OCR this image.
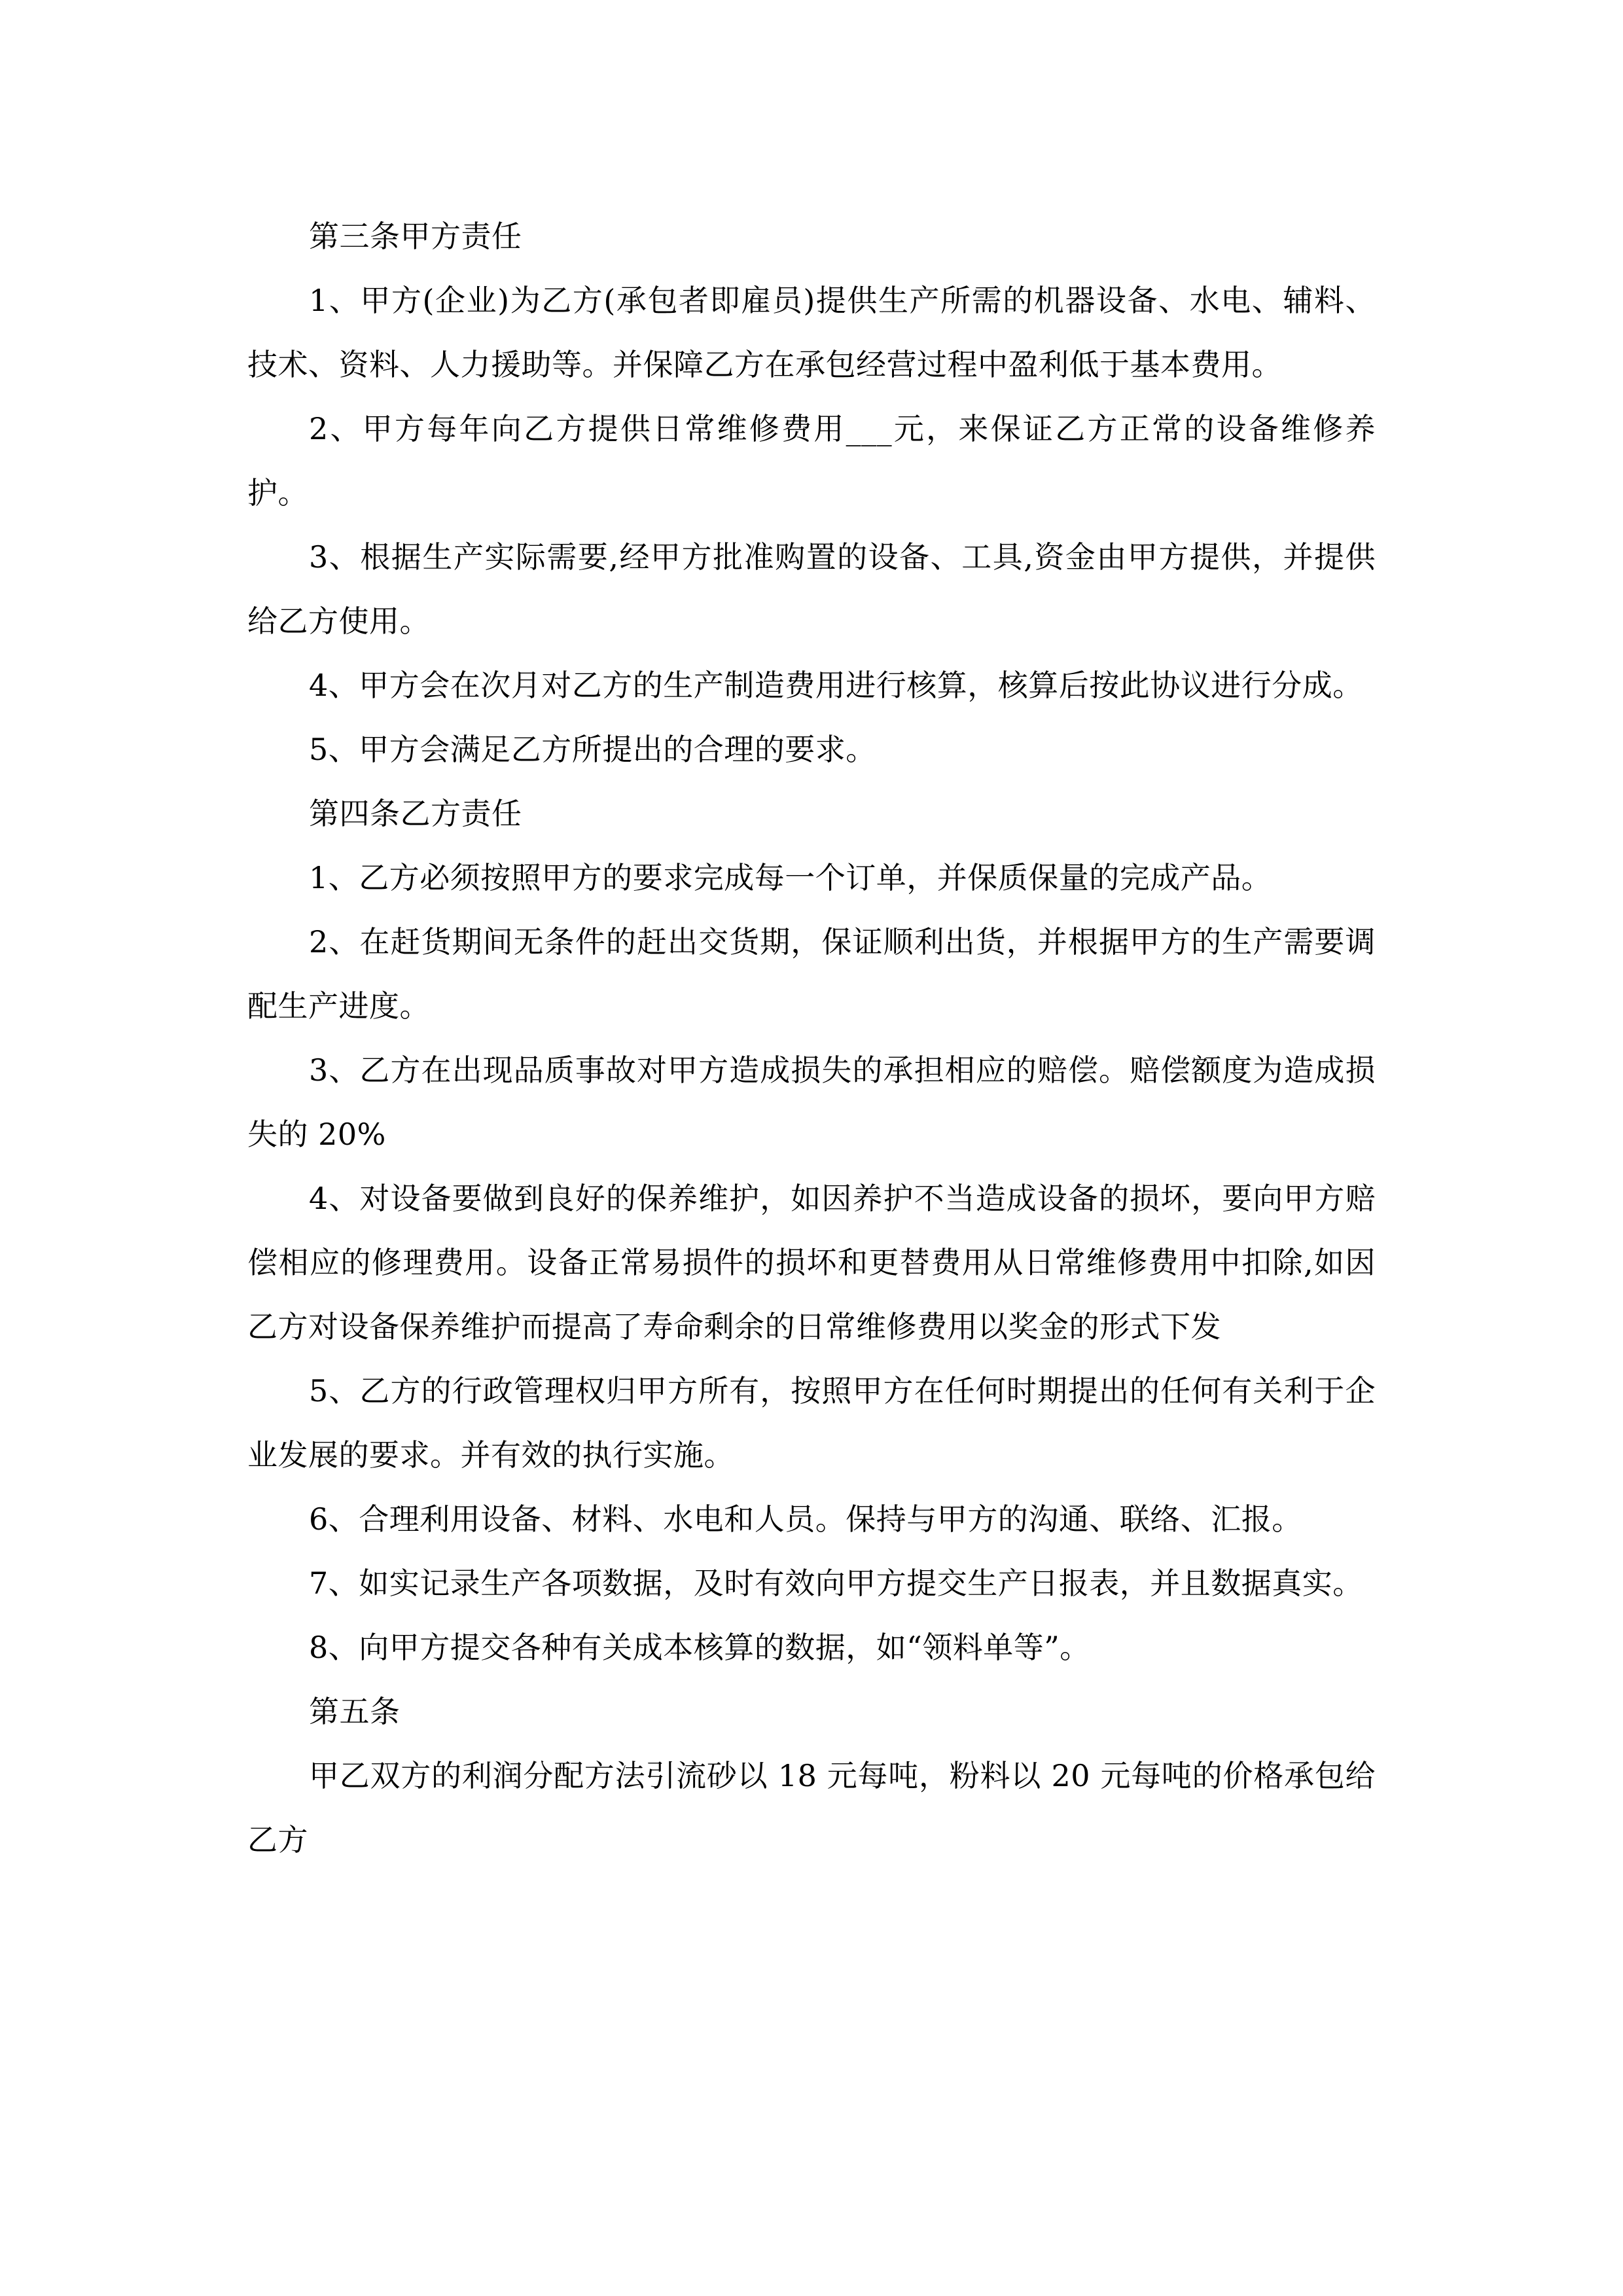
第三条甲方责任

1、甲方(企业)为乙方(承包者即雇员)提供生产所需的机器设备、水电、辅料、技术、资料、人力援助等。并保障乙方在承包经营过程中盈利低于基本费用。

2、甲方每年向乙方提供日常维修费用___元，来保证乙方正常的设备维修养护。

3、根据生产实际需要,经甲方批准购置的设备、工具,资金由甲方提供，并提供给乙方使用。

4、甲方会在次月对乙方的生产制造费用进行核算，核算后按此协议进行分成。

5、甲方会满足乙方所提出的合理的要求。

第四条乙方责任

1、乙方必须按照甲方的要求完成每一个订单，并保质保量的完成产品。

2、在赶货期间无条件的赶出交货期，保证顺利出货，并根据甲方的生产需要调配生产进度。

3、乙方在出现品质事故对甲方造成损失的承担相应的赔偿。赔偿额度为造成损失的 20%

4、对设备要做到良好的保养维护，如因养护不当造成设备的损坏，要向甲方赔偿相应的修理费用。设备正常易损件的损坏和更替费用从日常维修费用中扣除,如因乙方对设备保养维护而提高了寿命剩余的日常维修费用以奖金的形式下发

5、乙方的行政管理权归甲方所有，按照甲方在任何时期提出的任何有关利于企业发展的要求。并有效的执行实施。

6、合理利用设备、材料、水电和人员。保持与甲方的沟通、联络、汇报。

7、如实记录生产各项数据，及时有效向甲方提交生产日报表，并且数据真实。

8、向甲方提交各种有关成本核算的数据，如“领料单等”。

第五条

甲乙双方的利润分配方法引流砂以 18 元每吨，粉料以 20 元每吨的价格承包给乙方
